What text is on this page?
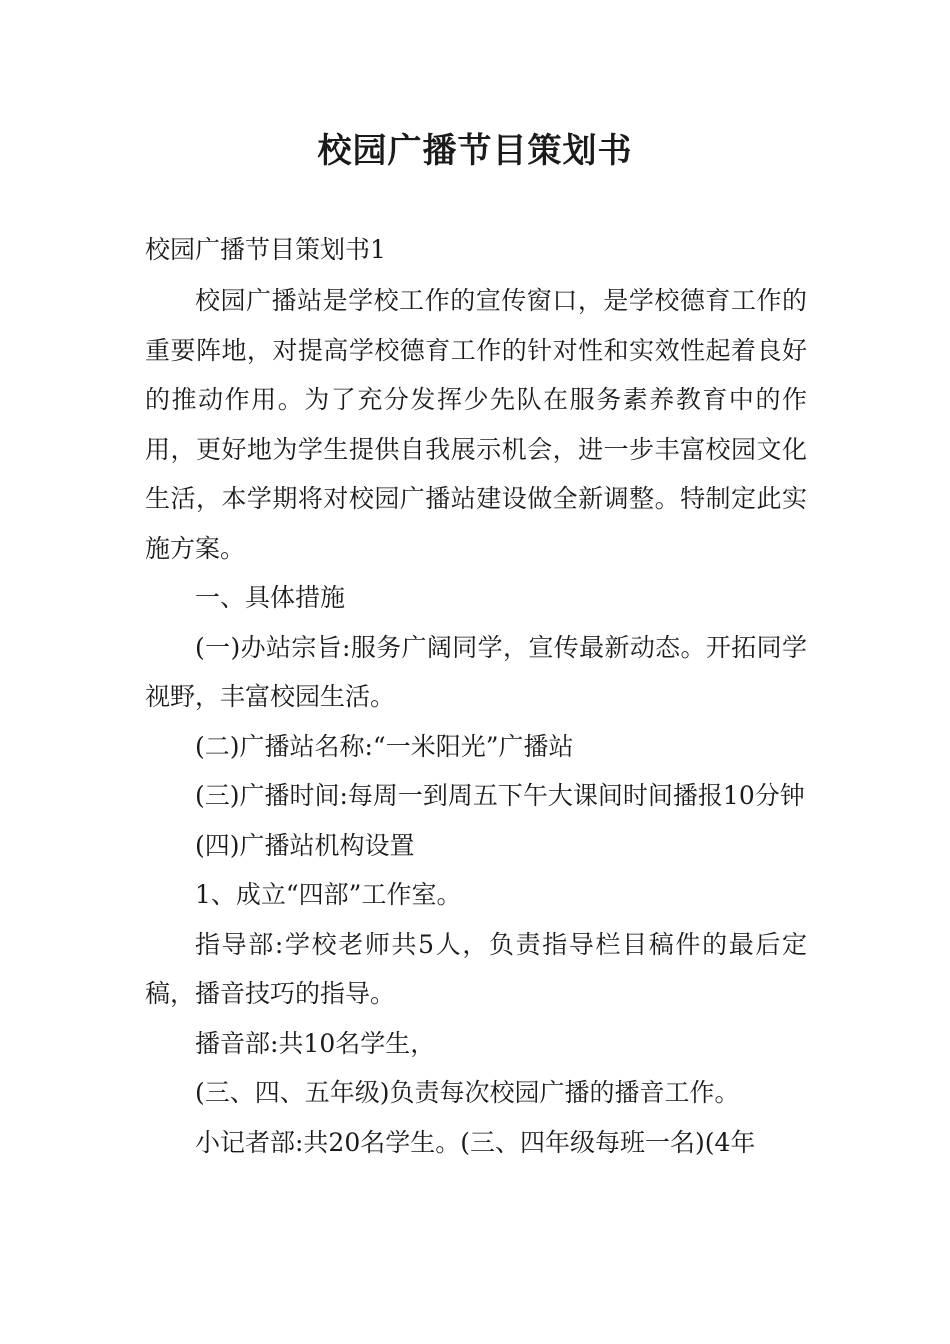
校园广播节目策划书
校园广播节目策划书1

校园广播站是学校工作的宣传窗口，是学校德育工作的重要阵地，对提高学校德育工作的针对性和实效性起着良好的推动作用。为了充分发挥少先队在服务素养教育中的作用，更好地为学生提供自我展示机会，进一步丰富校园文化生活，本学期将对校园广播站建设做全新调整。特制定此实施方案。

一、具体措施

(一)办站宗旨:服务广阔同学，宣传最新动态。开拓同学视野，丰富校园生活。

(二)广播站名称:“一米阳光”广播站

(三)广播时间:每周一到周五下午大课间时间播报10分钟

(四)广播站机构设置

1、成立“四部”工作室。

指导部:学校老师共5人，负责指导栏目稿件的最后定稿，播音技巧的指导。

播音部:共10名学生，

(三、四、五年级)负责每次校园广播的播音工作。

小记者部:共20名学生。(三、四年级每班一名)(4年
